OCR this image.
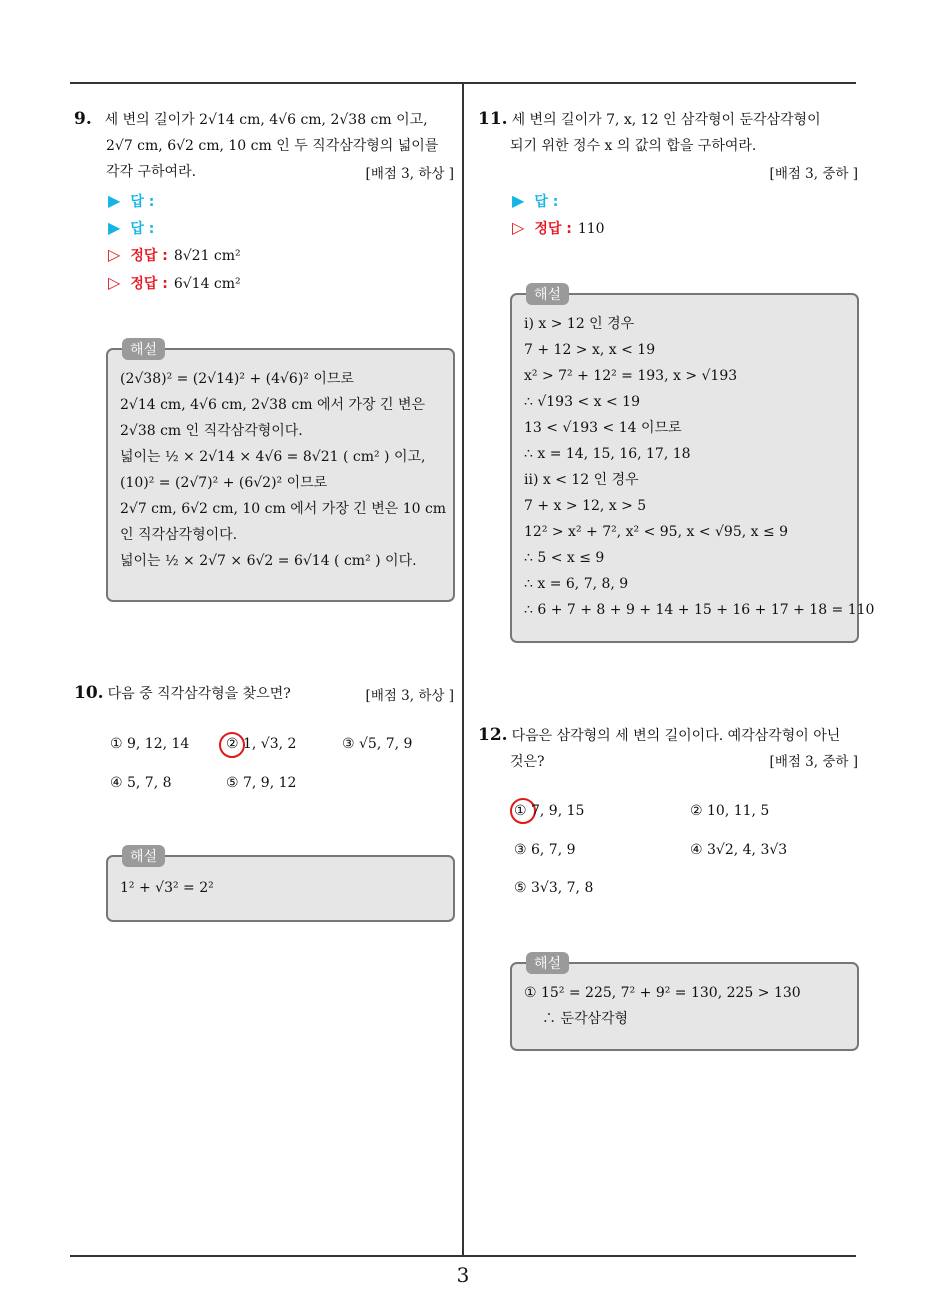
9. 세 변의 길이가 2√14 cm, 4√6 cm, 2√38 cm 이고,
2√7 cm, 6√2 cm, 10 cm 인 두 직각삼각형의 넓이를
각각 구하여라.	[배점 3, 하상 ]
▶ 답 :
▶ 답 :
▷ 정답 : 8√21 cm²
▷ 정답 : 6√14 cm²
해설
(2√38)² = (2√14)² + (4√6)² 이므로
2√14 cm, 4√6 cm, 2√38 cm 에서 가장 긴 변은
2√38 cm 인 직각삼각형이다.
넓이는 ½ × 2√14 × 4√6 = 8√21 ( cm² ) 이고,
(10)² = (2√7)² + (6√2)² 이므로
2√7 cm, 6√2 cm, 10 cm 에서 가장 긴 변은 10 cm
인 직각삼각형이다.
넓이는 ½ × 2√7 × 6√2 = 6√14 ( cm² ) 이다.
10. 다음 중 직각삼각형을 찾으면?	[배점 3, 하상 ]
① 9, 12, 14	② 1, √3, 2	③ √5, 7, 9
④ 5, 7, 8	⑤ 7, 9, 12
해설
1² + √3² = 2²
11. 세 변의 길이가 7, x, 12 인 삼각형이 둔각삼각형이
되기 위한 정수 x 의 값의 합을 구하여라.
[배점 3, 중하 ]
▶ 답 :
▷ 정답 : 110
해설
ⅰ) x > 12 인 경우
7 + 12 > x, x < 19
x² > 7² + 12² = 193, x > √193
∴ √193 < x < 19
13 < √193 < 14 이므로
∴ x = 14, 15, 16, 17, 18
ⅱ) x < 12 인 경우
7 + x > 12, x > 5
12² > x² + 7², x² < 95, x < √95, x ≤ 9
∴ 5 < x ≤ 9
∴ x = 6, 7, 8, 9
∴ 6 + 7 + 8 + 9 + 14 + 15 + 16 + 17 + 18 = 110
12. 다음은 삼각형의 세 변의 길이이다. 예각삼각형이 아닌
것은?	[배점 3, 중하 ]
① 7, 9, 15	② 10, 11, 5
③ 6, 7, 9	④ 3√2, 4, 3√3
⑤ 3√3, 7, 8
해설
① 15² = 225, 7² + 9² = 130, 225 > 130
∴ 둔각삼각형
3
